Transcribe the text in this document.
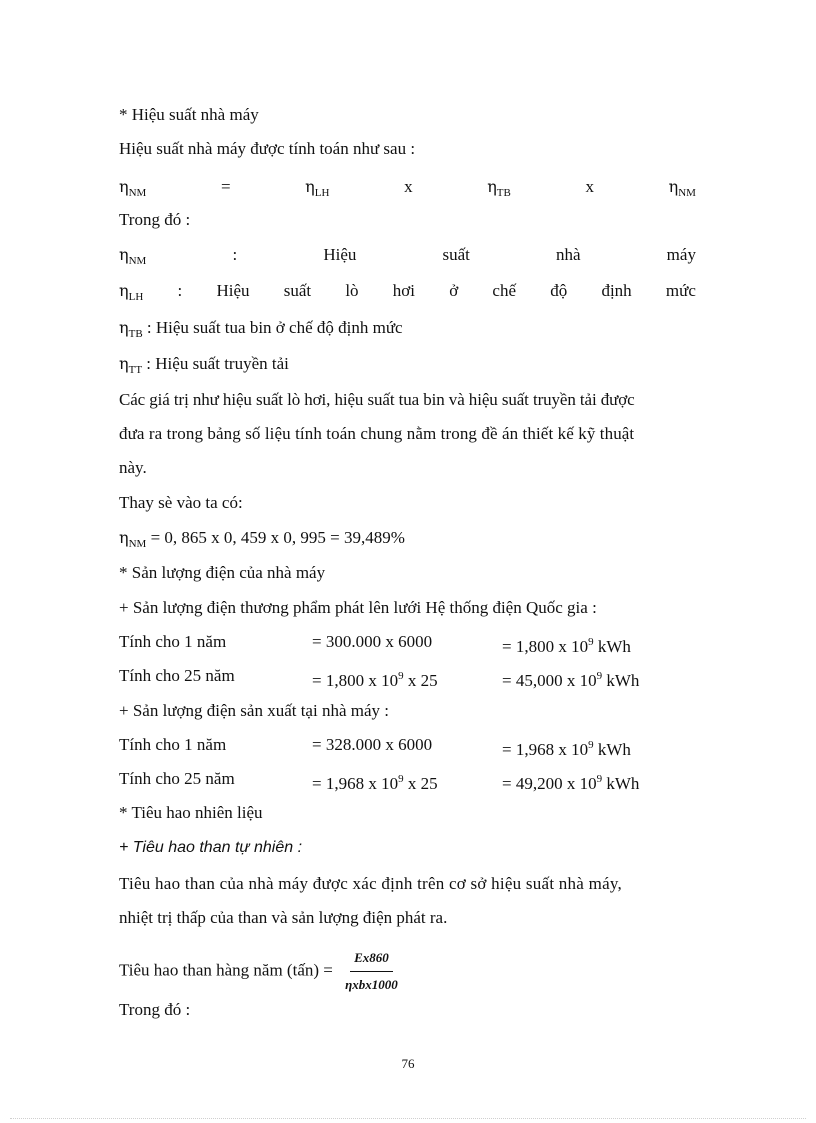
* Hiệu suất nhà máy
Hiệu suất nhà máy được tính toán như sau :
$\eta_{NM}$	=	$\eta_{LH}$	x	$\eta_{TB}$	x	$\eta_{NM}$
Trong đó :
$\eta_{NM}$	:	Hiệu	suất	nhà	máy
$\eta_{LH}$ : Hiệu suất lò hơi ở chế độ định mức
$\eta_{TB}$ : Hiệu suất tua bin ở chế độ định mức
$\eta_{TT}$ : Hiệu suất truyền tải
Các giá trị như hiệu suất lò hơi, hiệu suất tua bin và hiệu suất truyền tải được
đưa ra trong bảng số liệu tính toán chung nằm trong đề án thiết kế kỹ thuật
này.
Thay sè vào ta có:
$\eta_{NM} = 0$, 865 x 0, 459 x 0, 995 = 39,489%
* Sản lượng điện của nhà máy
+ Sản lượng điện thương phẩm phát lên lưới Hệ thống điện Quốc gia :
Tính cho 1 năm	= 300.000 x 6000	= 1,800 x $10^9$ kWh
Tính cho 25 năm	= 1,800 x $10^9$ x 25	= 45,000 x $10^9$ kWh
+ Sản lượng điện sản xuất tại nhà máy :
Tính cho 1 năm	= 328.000 x 6000	= 1,968 x $10^9$ kWh
Tính cho 25 năm	= 1,968 x $10^9$ x 25	= 49,200 x $10^9$ kWh
* Tiêu hao nhiên liệu
+ Tiêu hao than tự nhiên :
Tiêu hao than của nhà máy được xác định trên cơ sở hiệu suất nhà máy,
nhiệt trị thấp của than và sản lượng điện phát ra.
Tiêu hao than hàng năm (tấn) = $\frac{Ex860}{\text{ηxbx1000}}$
Trong đó :
76
